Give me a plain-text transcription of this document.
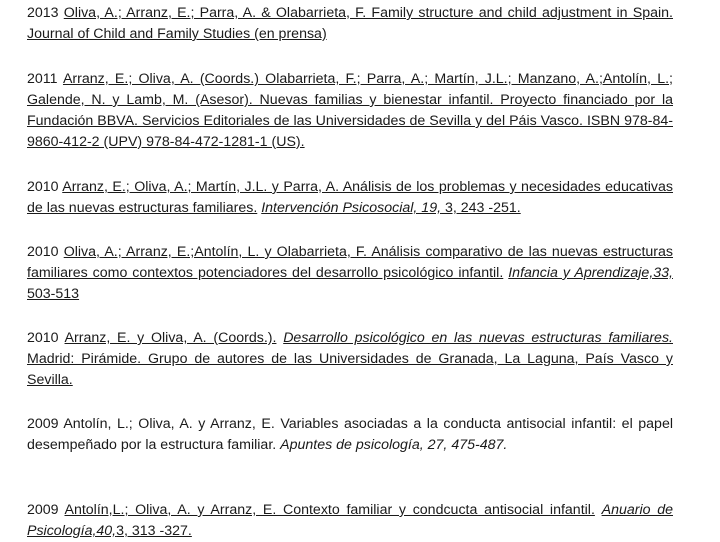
2013 Oliva, A.; Arranz, E.; Parra, A. & Olabarrieta, F. Family structure and child adjustment in Spain. Journal of Child and Family Studies (en prensa)

2011 Arranz, E.; Oliva, A. (Coords.) Olabarrieta, F.; Parra, A.; Martín, J.L.; Manzano, A.;Antolín, L.; Galende, N. y Lamb, M. (Asesor). Nuevas familias y bienestar infantil. Proyecto financiado por la Fundación BBVA. Servicios Editoriales de las Universidades de Sevilla y del Páis Vasco. ISBN 978-84-9860-412-2 (UPV) 978-84-472-1281-1 (US).

2010 Arranz, E.; Oliva, A.; Martín, J.L. y Parra, A. Análisis de los problemas y necesidades educativas de las nuevas estructuras familiares. Intervención Psicosocial, 19, 3, 243 -251.

2010 Oliva, A.; Arranz, E.;Antolín, L. y Olabarrieta, F. Análisis comparativo de las nuevas estructuras familiares como contextos potenciadores del desarrollo psicológico infantil. Infancia y Aprendizaje,33, 503-513

2010 Arranz, E. y Oliva, A. (Coords.). Desarrollo psicológico en las nuevas estructuras familiares. Madrid: Pirámide. Grupo de autores de las Universidades de Granada, La Laguna, País Vasco y Sevilla.

2009 Antolín, L.; Oliva, A. y Arranz, E. Variables asociadas a la conducta antisocial infantil: el papel desempeñado por la estructura familiar. Apuntes de psicología, 27, 475-487.

2009 Antolín,L.; Oliva, A. y Arranz, E. Contexto familiar y condcucta antisocial infantil. Anuario de Psicología,40,3, 313 -327.
